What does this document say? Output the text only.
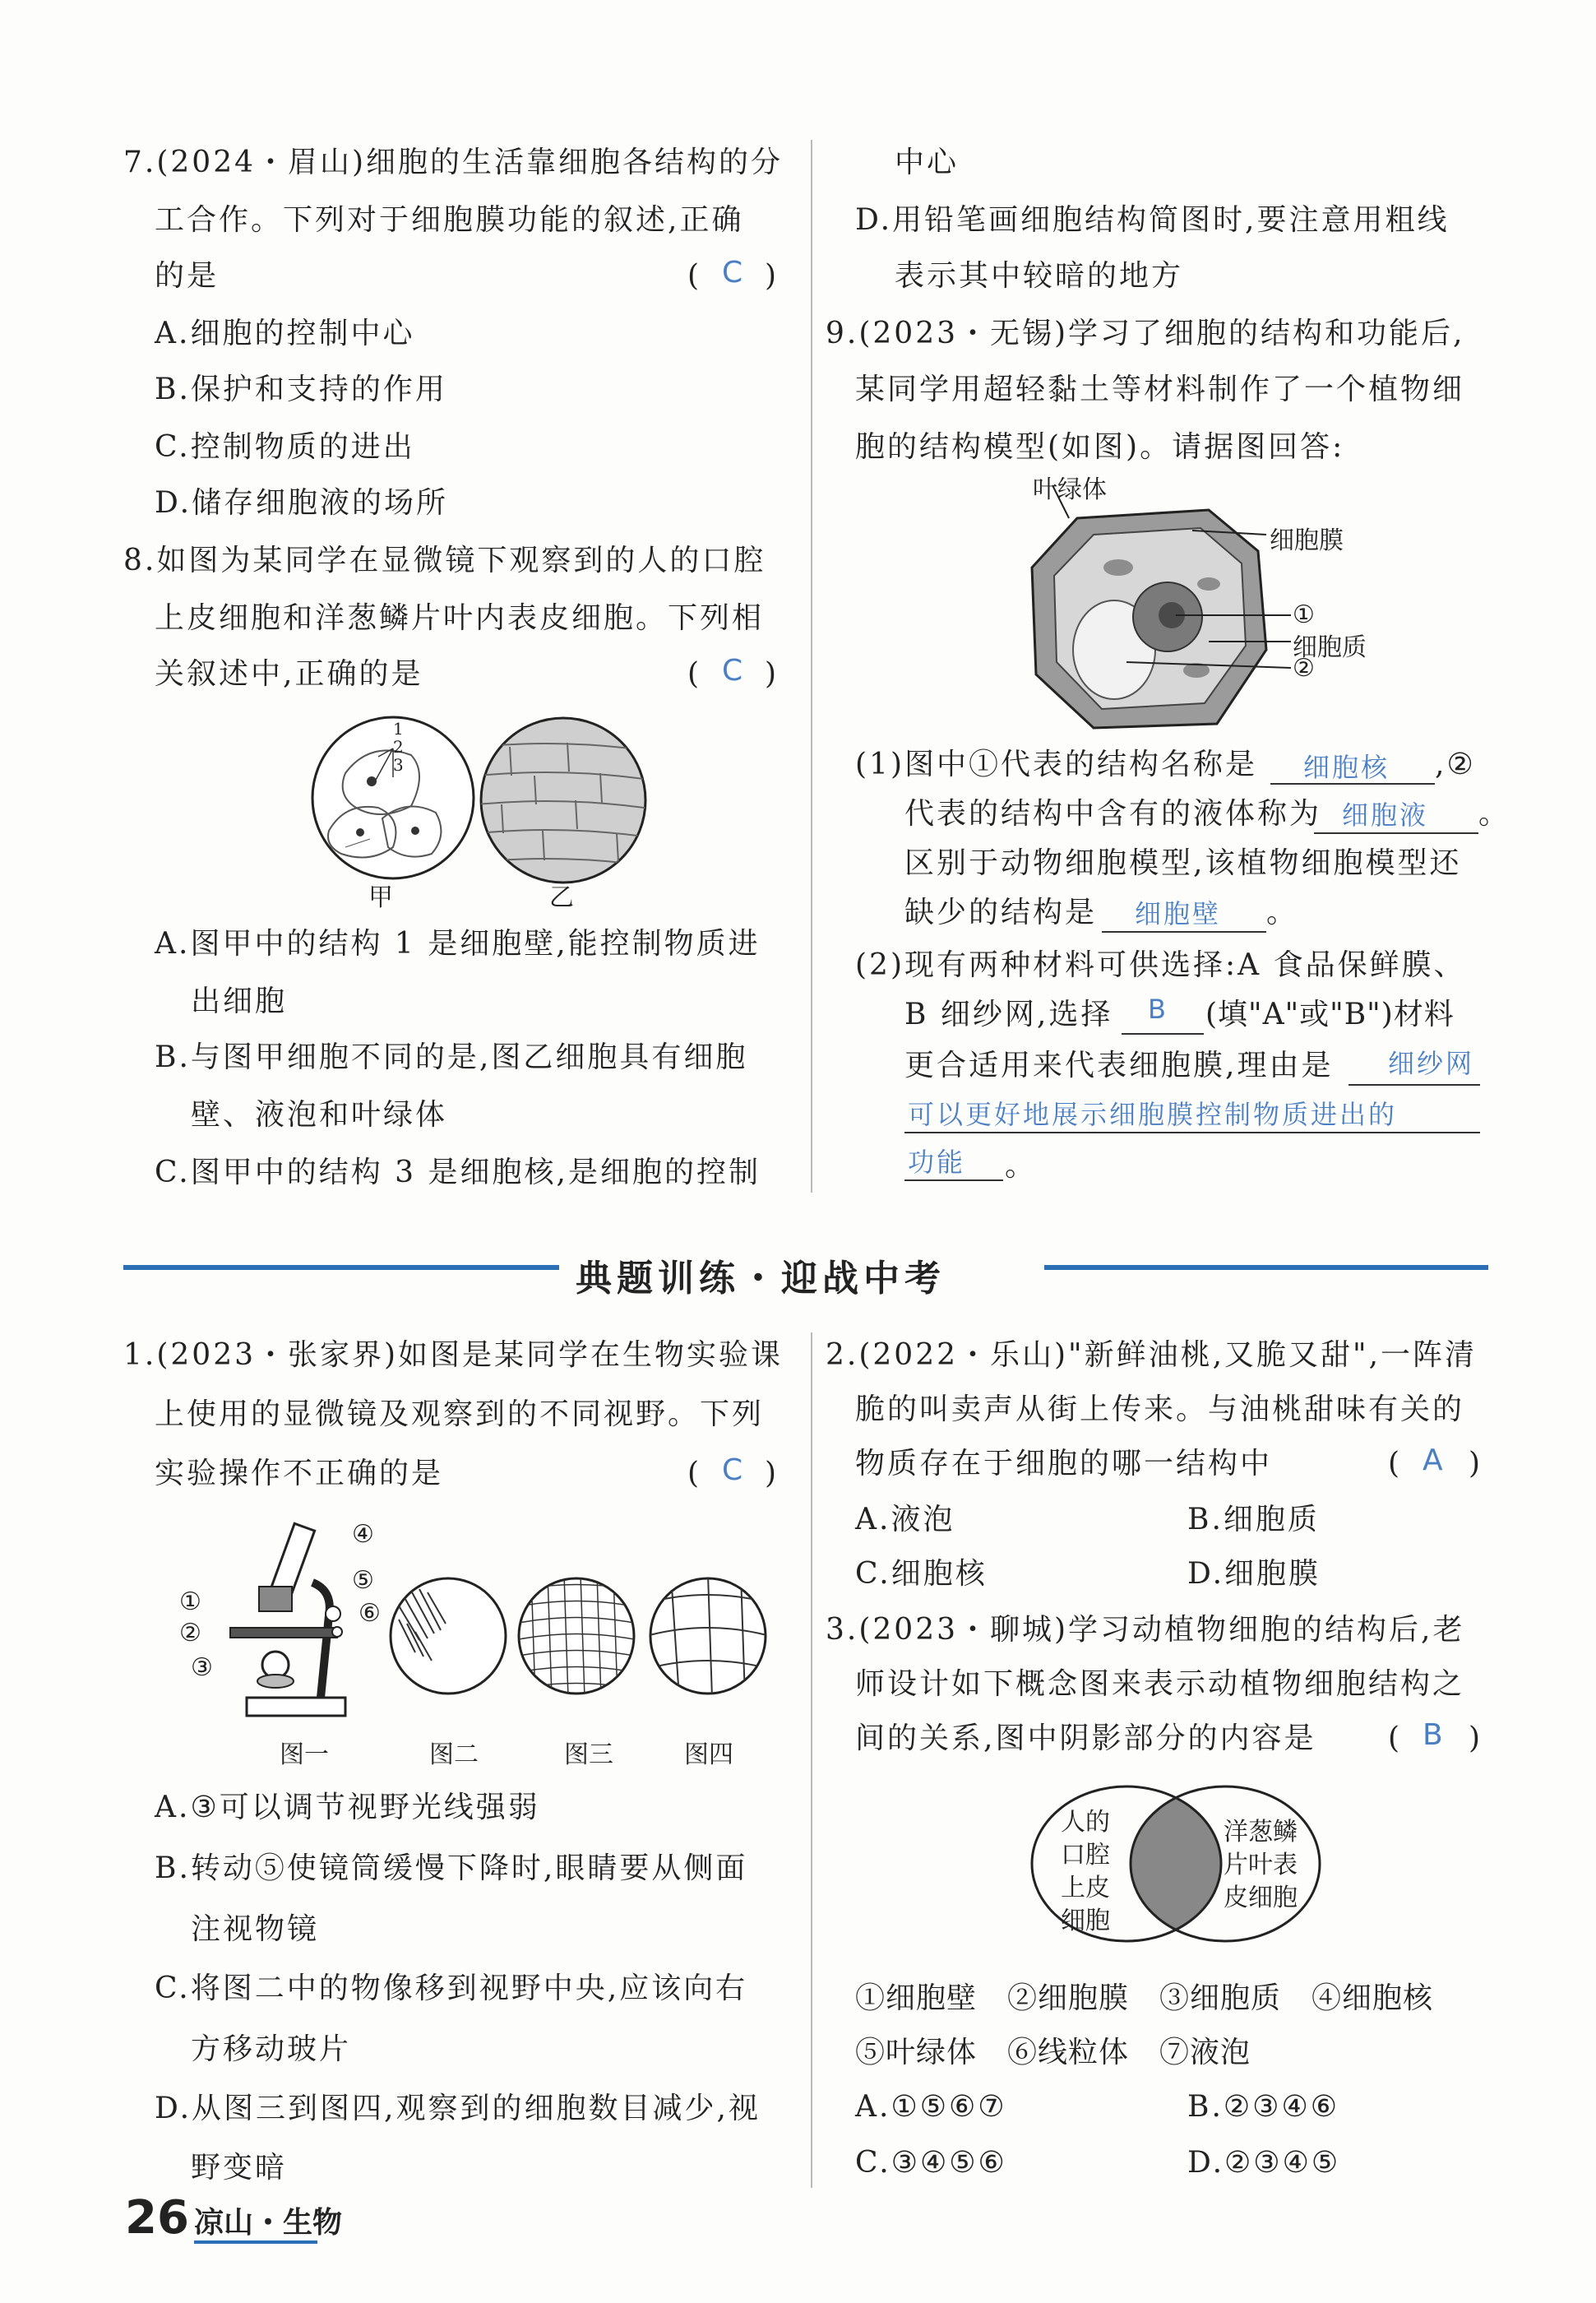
7.(2024・眉山)细胞的生活靠细胞各结构的分
工合作。下列对于细胞膜功能的叙述,正确
的是	( C )
A.细胞的控制中心
B.保护和支持的作用
C.控制物质的进出
D.储存细胞液的场所
8.如图为某同学在显微镜下观察到的人的口腔
上皮细胞和洋葱鳞片叶内表皮细胞。下列相
关叙述中,正确的是	( C )
1
2
3
甲	乙
A.图甲中的结构 1 是细胞壁,能控制物质进
出细胞
B.与图甲细胞不同的是,图乙细胞具有细胞
壁、液泡和叶绿体
C.图甲中的结构 3 是细胞核,是细胞的控制
中心
D.用铅笔画细胞结构简图时,要注意用粗线
表示其中较暗的地方
9.(2023・无锡)学习了细胞的结构和功能后,
某同学用超轻黏土等材料制作了一个植物细
胞的结构模型(如图)。请据图回答:
叶绿体
细胞膜
①
细胞质
②
(1)图中①代表的结构名称是 细胞核 ,②
代表的结构中含有的液体称为 细胞液 。
区别于动物细胞模型,该植物细胞模型还
缺少的结构是 细胞壁 。
(2)现有两种材料可供选择:A 食品保鲜膜、
B 细纱网,选择 B (填"A"或"B")材料
更合适用来代表细胞膜,理由是 细纱网
可以更好地展示细胞膜控制物质进出的
功能 。
典题训练・迎战中考
1.(2023・张家界)如图是某同学在生物实验课
上使用的显微镜及观察到的不同视野。下列
实验操作不正确的是	( C )
④
⑤
⑥
①
②
③
图一	图二	图三	图四
A.③可以调节视野光线强弱
B.转动⑤使镜筒缓慢下降时,眼睛要从侧面
注视物镜
C.将图二中的物像移到视野中央,应该向右
方移动玻片
D.从图三到图四,观察到的细胞数目减少,视
野变暗
2.(2022・乐山)"新鲜油桃,又脆又甜",一阵清
脆的叫卖声从街上传来。与油桃甜味有关的
物质存在于细胞的哪一结构中	( A )
A.液泡	B.细胞质
C.细胞核	D.细胞膜
3.(2023・聊城)学习动植物细胞的结构后,老
师设计如下概念图来表示动植物细胞结构之
间的关系,图中阴影部分的内容是 ( B )
人的
口腔
上皮
细胞
洋葱鳞
片叶表
皮细胞
①细胞壁　②细胞膜　③细胞质　④细胞核
⑤叶绿体　⑥线粒体　⑦液泡
A.①⑤⑥⑦	B.②③④⑥
C.③④⑤⑥	D.②③④⑤
26 凉山・生物
